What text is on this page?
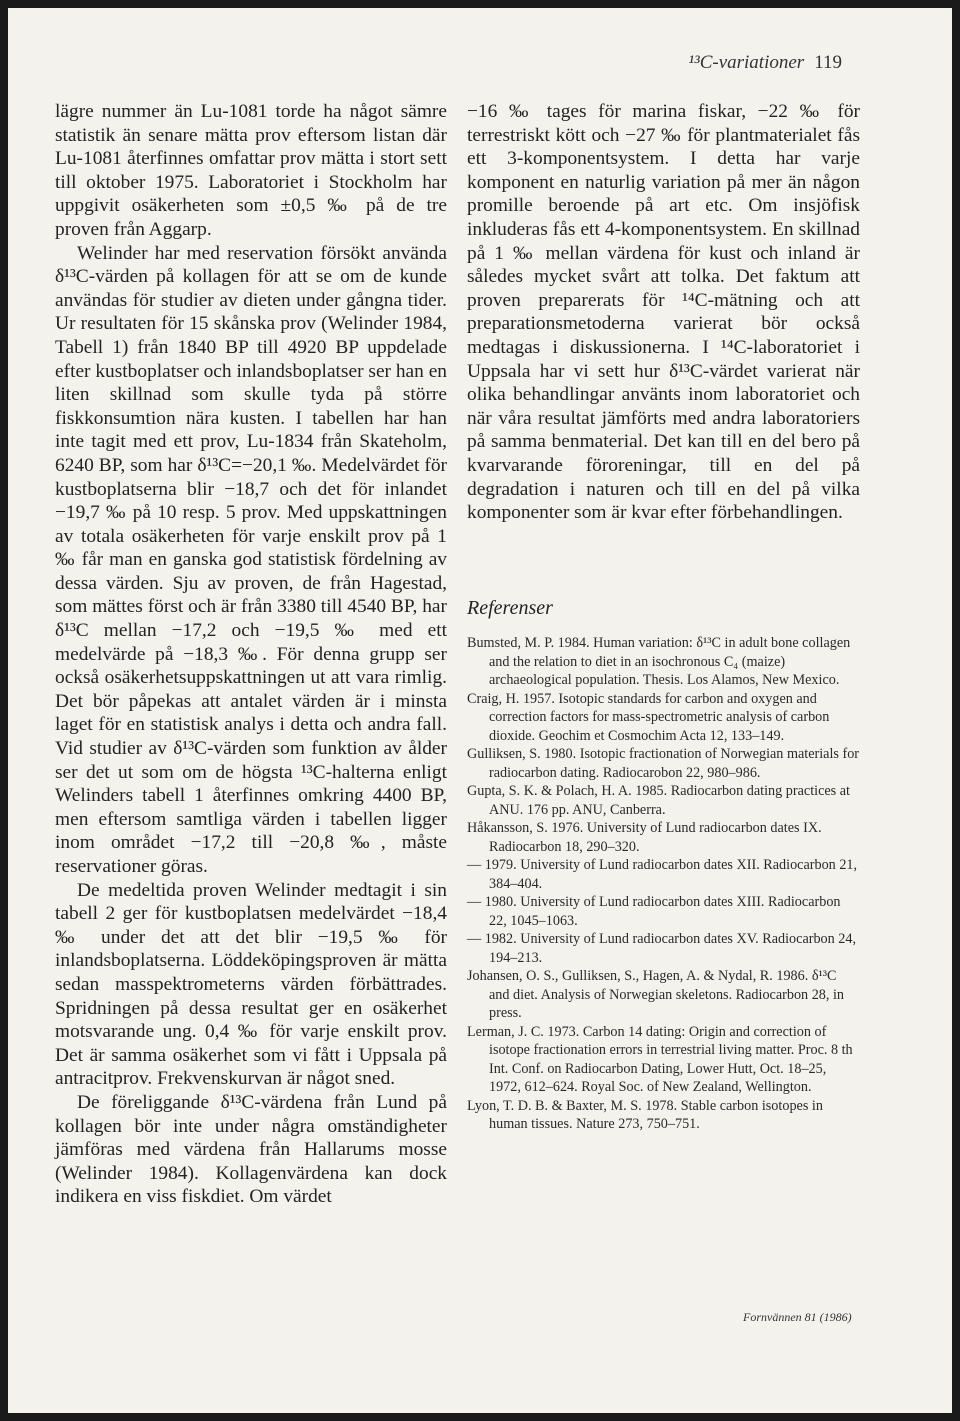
¹³C-variationer 119

lägre nummer än Lu-1081 torde ha något sämre statistik än senare mätta prov eftersom listan där Lu-1081 återfinnes omfattar prov mätta i stort sett till oktober 1975. Laboratoriet i Stockholm har uppgivit osäkerheten som ±0,5 ‰ på de tre proven från Aggarp.

Welinder har med reservation försökt använda δ¹³C-värden på kollagen för att se om de kunde användas för studier av dieten under gångna tider. Ur resultaten för 15 skånska prov (Welinder 1984, Tabell 1) från 1840 BP till 4920 BP uppdelade efter kustboplatser och inlandsboplatser ser han en liten skillnad som skulle tyda på större fiskkonsumtion nära kusten. I tabellen har han inte tagit med ett prov, Lu-1834 från Skateholm, 6240 BP, som har δ¹³C=−20,1 ‰. Medelvärdet för kustboplatserna blir −18,7 och det för inlandet −19,7 ‰ på 10 resp. 5 prov. Med uppskattningen av totala osäkerheten för varje enskilt prov på 1 ‰ får man en ganska god statistisk fördelning av dessa värden. Sju av proven, de från Hagestad, som mättes först och är från 3380 till 4540 BP, har δ¹³C mellan −17,2 och −19,5 ‰ med ett medelvärde på −18,3 ‰. För denna grupp ser också osäkerhetsuppskattningen ut att vara rimlig. Det bör påpekas att antalet värden är i minsta laget för en statistisk analys i detta och andra fall. Vid studier av δ¹³C-värden som funktion av ålder ser det ut som om de högsta ¹³C-halterna enligt Welinders tabell 1 återfinnes omkring 4400 BP, men eftersom samtliga värden i tabellen ligger inom området −17,2 till −20,8 ‰, måste reservationer göras.

De medeltida proven Welinder medtagit i sin tabell 2 ger för kustboplatsen medelvärdet −18,4 ‰ under det att det blir −19,5 ‰ för inlandsboplatserna. Löddeköpingsproven är mätta sedan masspektrometerns värden förbättrades. Spridningen på dessa resultat ger en osäkerhet motsvarande ung. 0,4 ‰ för varje enskilt prov. Det är samma osäkerhet som vi fått i Uppsala på antracitprov. Frekvenskurvan är något sned.

De föreliggande δ¹³C-värdena från Lund på kollagen bör inte under några omständigheter jämföras med värdena från Hallarums mosse (Welinder 1984). Kollagenvärdena kan dock indikera en viss fiskdiet. Om värdet

−16 ‰ tages för marina fiskar, −22 ‰ för terrestriskt kött och −27 ‰ för plantmaterialet fås ett 3-komponentsystem. I detta har varje komponent en naturlig variation på mer än någon promille beroende på art etc. Om insjöfisk inkluderas fås ett 4-komponentsystem. En skillnad på 1 ‰ mellan värdena för kust och inland är således mycket svårt att tolka. Det faktum att proven preparerats för ¹⁴C-mätning och att preparationsmetoderna varierat bör också medtagas i diskussionerna. I ¹⁴C-laboratoriet i Uppsala har vi sett hur δ¹³C-värdet varierat när olika behandlingar använts inom laboratoriet och när våra resultat jämförts med andra laboratoriers på samma benmaterial. Det kan till en del bero på kvarvarande föroreningar, till en del på degradation i naturen och till en del på vilka komponenter som är kvar efter förbehandlingen.

Referenser

Bumsted, M. P. 1984. Human variation: δ¹³C in adult bone collagen and the relation to diet in an isochronous C₄ (maize) archaeological population. Thesis. Los Alamos, New Mexico.

Craig, H. 1957. Isotopic standards for carbon and oxygen and correction factors for mass-spectrometric analysis of carbon dioxide. Geochim et Cosmochim Acta 12, 133–149.

Gulliksen, S. 1980. Isotopic fractionation of Norwegian materials for radiocarbon dating. Radiocarobon 22, 980–986.

Gupta, S. K. & Polach, H. A. 1985. Radiocarbon dating practices at ANU. 176 pp. ANU, Canberra.

Håkansson, S. 1976. University of Lund radiocarbon dates IX. Radiocarbon 18, 290–320.

— 1979. University of Lund radiocarbon dates XII. Radiocarbon 21, 384–404.

— 1980. University of Lund radiocarbon dates XIII. Radiocarbon 22, 1045–1063.

— 1982. University of Lund radiocarbon dates XV. Radiocarbon 24, 194–213.

Johansen, O. S., Gulliksen, S., Hagen, A. & Nydal, R. 1986. δ¹³C and diet. Analysis of Norwegian skeletons. Radiocarbon 28, in press.

Lerman, J. C. 1973. Carbon 14 dating: Origin and correction of isotope fractionation errors in terrestrial living matter. Proc. 8 th Int. Conf. on Radiocarbon Dating, Lower Hutt, Oct. 18–25, 1972, 612–624. Royal Soc. of New Zealand, Wellington.

Lyon, T. D. B. & Baxter, M. S. 1978. Stable carbon isotopes in human tissues. Nature 273, 750–751.

Fornvännen 81 (1986)
